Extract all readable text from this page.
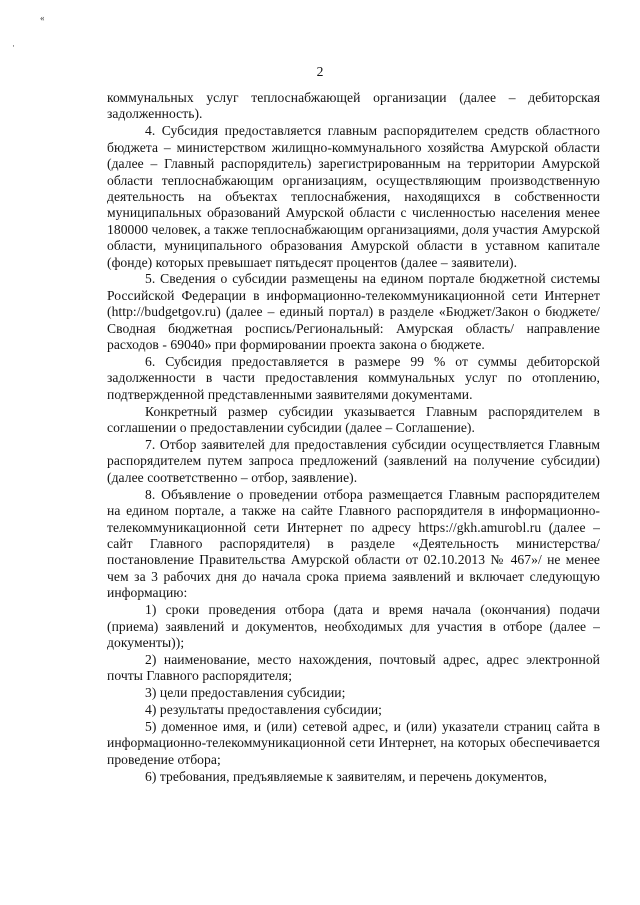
«
·
2

коммунальных услуг теплоснабжающей организации (далее – дебиторская задолженность).

4. Субсидия предоставляется главным распорядителем средств областного бюджета – министерством жилищно-коммунального хозяйства Амурской области (далее – Главный распорядитель) зарегистрированным на территории Амурской области теплоснабжающим организациям, осуществляющим производственную деятельность на объектах теплоснабжения, находящихся в собственности муниципальных образований Амурской области с численностью населения менее 180000 человек, а также теплоснабжающим организациями, доля участия Амурской области, муниципального образования Амурской области в уставном капитале (фонде) которых превышает пятьдесят процентов (далее – заявители).

5. Сведения о субсидии размещены на едином портале бюджетной системы Российской Федерации в информационно-телекоммуникационной сети Интернет (http://budgetgov.ru) (далее – единый портал) в разделе «Бюджет/Закон о бюджете/Сводная бюджетная роспись/Региональный: Амурская область/ направление расходов - 69040» при формировании проекта закона о бюджете.

6. Субсидия предоставляется в размере 99 % от суммы дебиторской задолженности в части предоставления коммунальных услуг по отоплению, подтвержденной представленными заявителями документами.

Конкретный размер субсидии указывается Главным распорядителем в соглашении о предоставлении субсидии (далее – Соглашение).

7. Отбор заявителей для предоставления субсидии осуществляется Главным распорядителем путем запроса предложений (заявлений на получение субсидии) (далее соответственно – отбор, заявление).

8. Объявление о проведении отбора размещается Главным распорядителем на едином портале, а также на сайте Главного распорядителя в информационно-телекоммуникационной сети Интернет по адресу https://gkh.amurobl.ru (далее – сайт Главного распорядителя) в разделе «Деятельность министерства/ постановление Правительства Амурской области от 02.10.2013 № 467»/ не менее чем за 3 рабочих дня до начала срока приема заявлений и включает следующую информацию:

1) сроки проведения отбора (дата и время начала (окончания) подачи (приема) заявлений и документов, необходимых для участия в отборе (далее – документы));

2) наименование, место нахождения, почтовый адрес, адрес электронной почты Главного распорядителя;

3) цели предоставления субсидии;

4) результаты предоставления субсидии;

5) доменное имя, и (или) сетевой адрес, и (или) указатели страниц сайта в информационно-телекоммуникационной сети Интернет, на которых обеспечивается проведение отбора;

6) требования, предъявляемые к заявителям, и перечень документов,
